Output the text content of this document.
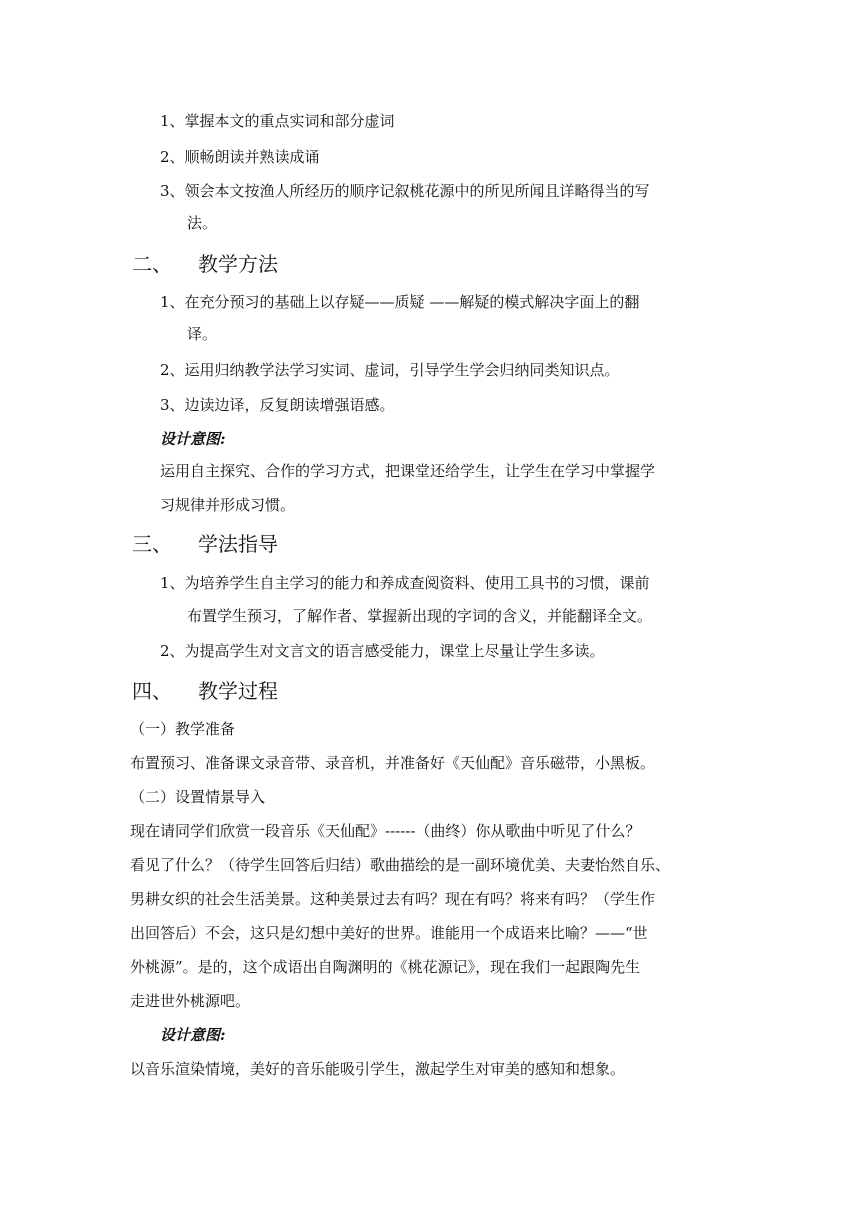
1、掌握本文的重点实词和部分虚词
2、顺畅朗读并熟读成诵
3、领会本文按渔人所经历的顺序记叙桃花源中的所见所闻且详略得当的写
法。
二、 教学方法
1、在充分预习的基础上以存疑——质疑 ——解疑的模式解决字面上的翻
译。
2、运用归纳教学法学习实词、虚词，引导学生学会归纳同类知识点。
3、边读边译，反复朗读增强语感。
设计意图:
运用自主探究、合作的学习方式，把课堂还给学生，让学生在学习中掌握学
习规律并形成习惯。
三、 学法指导
1、为培养学生自主学习的能力和养成查阅资料、使用工具书的习惯，课前
布置学生预习，了解作者、掌握新出现的字词的含义，并能翻译全文。
2、为提高学生对文言文的语言感受能力，课堂上尽量让学生多读。
四、 教学过程
（一）教学准备
布置预习、准备课文录音带、录音机，并准备好《天仙配》音乐磁带，小黑板。
（二）设置情景导入
现在请同学们欣赏一段音乐《天仙配》------（曲终）你从歌曲中听见了什么？
看见了什么？（待学生回答后归结）歌曲描绘的是一副环境优美、夫妻怡然自乐、
男耕女织的社会生活美景。这种美景过去有吗？现在有吗？将来有吗？（学生作
出回答后）不会，这只是幻想中美好的世界。谁能用一个成语来比喻？——“世
外桃源”。是的，这个成语出自陶渊明的《桃花源记》，现在我们一起跟陶先生
走进世外桃源吧。
设计意图:
以音乐渲染情境，美好的音乐能吸引学生，激起学生对审美的感知和想象。
